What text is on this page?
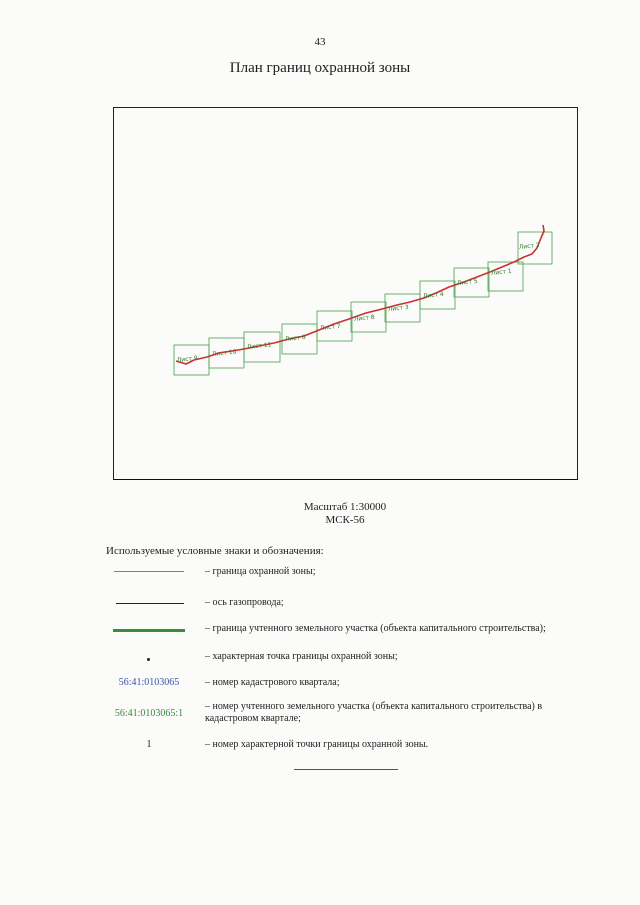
43
План границ охранной зоны
Лист 1
Лист 2
Лист 3
Лист 4
Лист 5
Лист 6
Лист 7
Лист 8
Лист 9
Лист 10
Лист 11
Масштаб 1:30000
МСК-56
Используемые условные знаки и обозначения:
– граница охранной зоны;
– ось газопровода;
– граница учтенного земельного участка (объекта капитального строительства);
– характерная точка границы охранной зоны;
56:41:0103065	– номер кадастрового квартала;
56:41:0103065:1
– номер учтенного земельного участка (объекта капитального строительства) в кадастровом квартале;
1	– номер характерной точки границы охранной зоны.
